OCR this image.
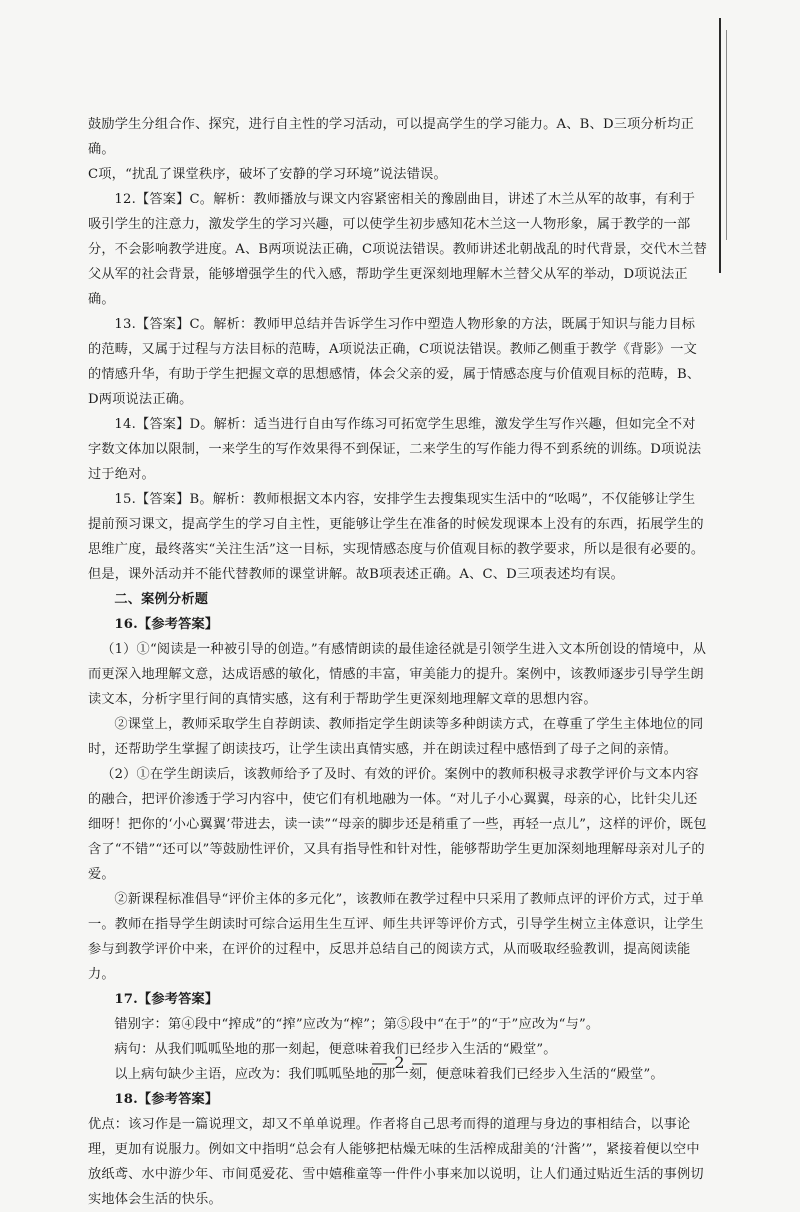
鼓励学生分组合作、探究，进行自主性的学习活动，可以提高学生的学习能力。A、B、D三项分析均正确。

C项，“扰乱了课堂秩序，破坏了安静的学习环境”说法错误。

12.【答案】C。解析：教师播放与课文内容紧密相关的豫剧曲目，讲述了木兰从军的故事，有利于吸引学生的注意力，激发学生的学习兴趣，可以使学生初步感知花木兰这一人物形象，属于教学的一部分，不会影响教学进度。A、B两项说法正确，C项说法错误。教师讲述北朝战乱的时代背景，交代木兰替父从军的社会背景，能够增强学生的代入感，帮助学生更深刻地理解木兰替父从军的举动，D项说法正确。

13.【答案】C。解析：教师甲总结并告诉学生习作中塑造人物形象的方法，既属于知识与能力目标的范畴，又属于过程与方法目标的范畴，A项说法正确，C项说法错误。教师乙侧重于教学《背影》一文的情感升华，有助于学生把握文章的思想感情，体会父亲的爱，属于情感态度与价值观目标的范畴，B、D两项说法正确。

14.【答案】D。解析：适当进行自由写作练习可拓宽学生思维，激发学生写作兴趣，但如完全不对字数文体加以限制，一来学生的写作效果得不到保证，二来学生的写作能力得不到系统的训练。D项说法过于绝对。

15.【答案】B。解析：教师根据文本内容，安排学生去搜集现实生活中的“吆喝”，不仅能够让学生提前预习课文，提高学生的学习自主性，更能够让学生在准备的时候发现课本上没有的东西，拓展学生的思维广度，最终落实“关注生活”这一目标，实现情感态度与价值观目标的教学要求，所以是很有必要的。但是，课外活动并不能代替教师的课堂讲解。故B项表述正确。A、C、D三项表述均有误。

二、案例分析题

16.【参考答案】

（1）①“阅读是一种被引导的创造。”有感情朗读的最佳途径就是引领学生进入文本所创设的情境中，从而更深入地理解文意，达成语感的敏化，情感的丰富，审美能力的提升。案例中，该教师逐步引导学生朗读文本，分析字里行间的真情实感，这有利于帮助学生更深刻地理解文章的思想内容。

②课堂上，教师采取学生自荐朗读、教师指定学生朗读等多种朗读方式，在尊重了学生主体地位的同时，还帮助学生掌握了朗读技巧，让学生读出真情实感，并在朗读过程中感悟到了母子之间的亲情。

（2）①在学生朗读后，该教师给予了及时、有效的评价。案例中的教师积极寻求教学评价与文本内容的融合，把评价渗透于学习内容中，使它们有机地融为一体。“对儿子小心翼翼，母亲的心，比针尖儿还细呀！把你的‘小心翼翼’带进去，读一读”“母亲的脚步还是稍重了一些，再轻一点儿”，这样的评价，既包含了“不错”“还可以”等鼓励性评价，又具有指导性和针对性，能够帮助学生更加深刻地理解母亲对儿子的爱。

②新课程标准倡导“评价主体的多元化”，该教师在教学过程中只采用了教师点评的评价方式，过于单一。教师在指导学生朗读时可综合运用生生互评、师生共评等评价方式，引导学生树立主体意识，让学生参与到教学评价中来，在评价的过程中，反思并总结自己的阅读方式，从而吸取经验教训，提高阅读能力。

17.【参考答案】

错别字：第④段中“搾成”的“搾”应改为“榨”；第⑤段中“在于”的“于”应改为“与”。

病句：从我们呱呱坠地的那一刻起，便意味着我们已经步入生活的“殿堂”。

以上病句缺少主语，应改为：我们呱呱坠地的那一刻，便意味着我们已经步入生活的“殿堂”。

18.【参考答案】

优点：该习作是一篇说理文，却又不单单说理。作者将自己思考而得的道理与身边的事相结合，以事论理，更加有说服力。例如文中指明“总会有人能够把枯燥无味的生活榨成甜美的‘汁酱’”，紧接着便以空中放纸鸢、水中游少年、市间觅爱花、雪中嬉稚童等一件件小事来加以说明，让人们通过贴近生活的事例切实地体会生活的快乐。

— 2 —
